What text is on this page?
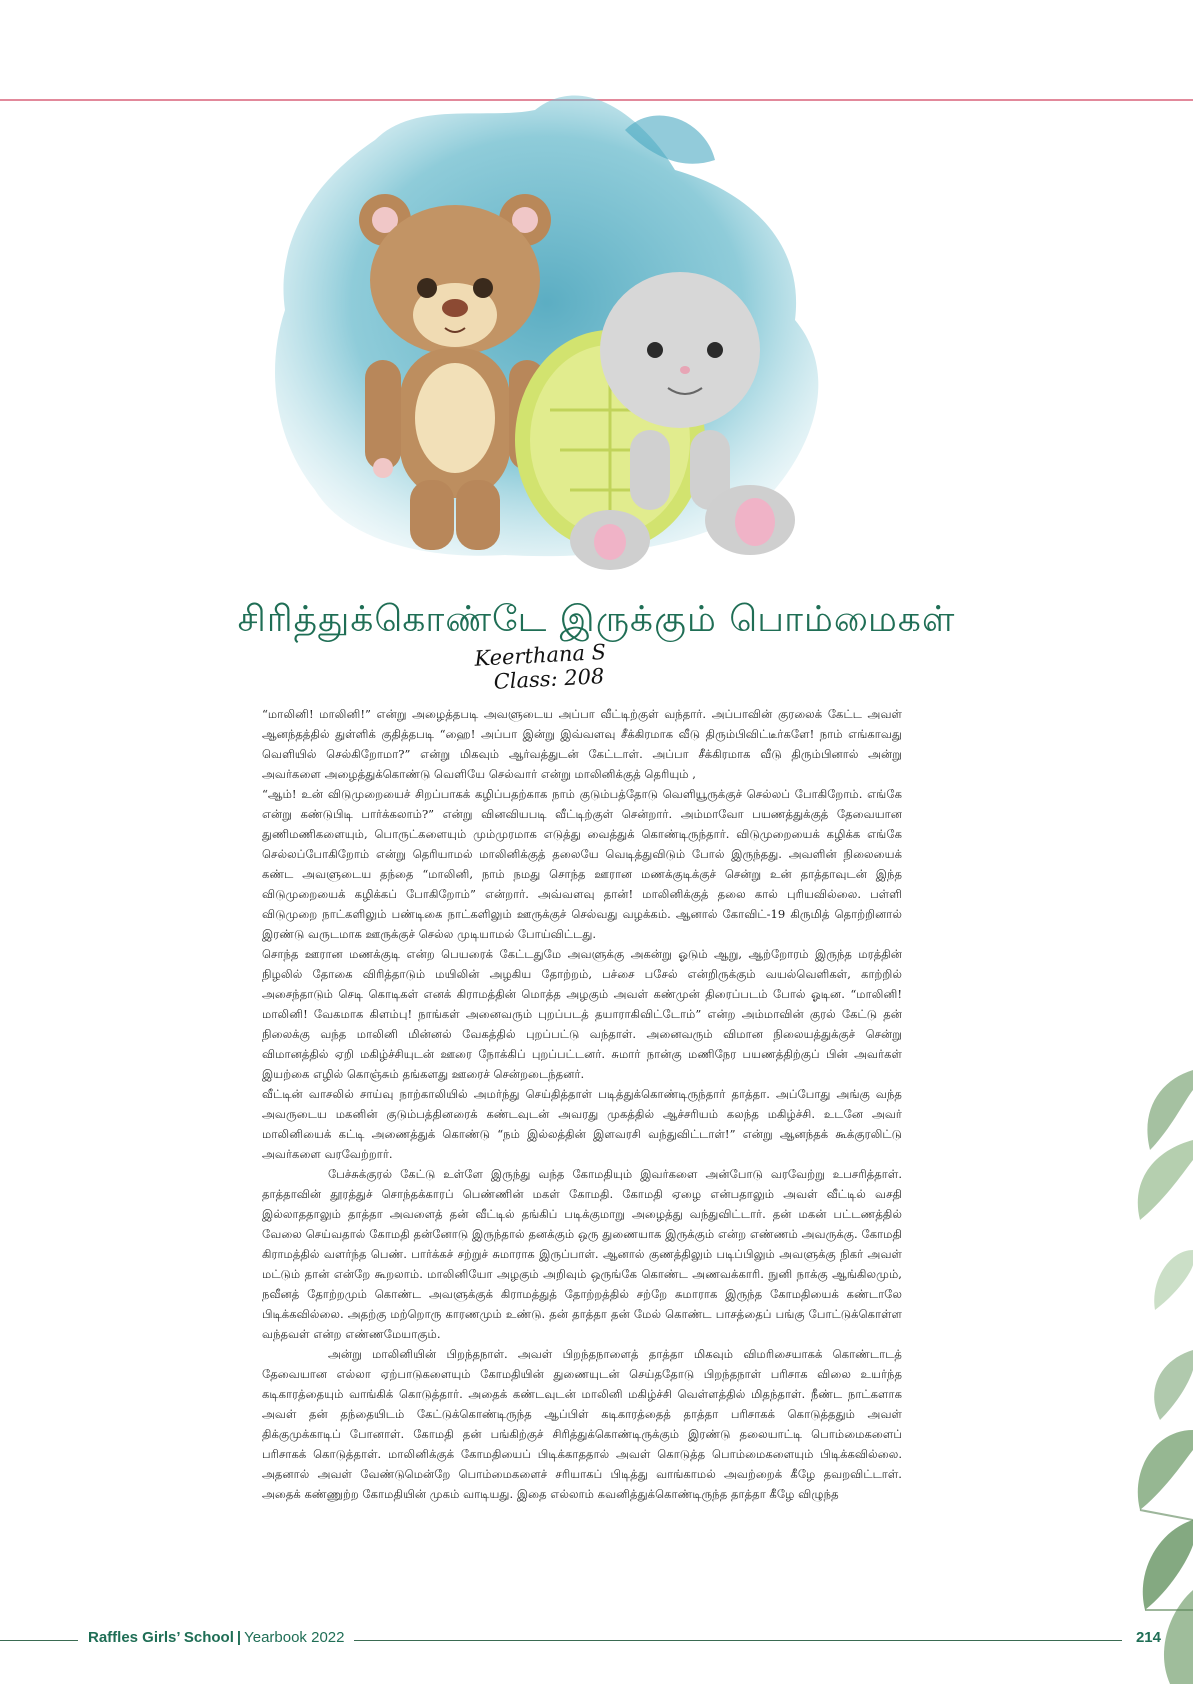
சிரித்துக்கொண்டே இருக்கும் பொம்மைகள்
Keerthana S Class: 208

“மாலினி! மாலினி!” என்று அழைத்தபடி அவளுடைய அப்பா வீட்டிற்குள் வந்தார். அப்பாவின் குரலைக் கேட்ட அவள் ஆனந்தத்தில் துள்ளிக் குதித்தபடி “ஹை! அப்பா இன்று இவ்வளவு சீக்கிரமாக வீடு திரும்பிவிட்டீர்களே! நாம் எங்காவது வெளியில் செல்கிறோமா?” என்று மிகவும் ஆர்வத்துடன் கேட்டாள். அப்பா சீக்கிரமாக வீடு திரும்பினால் அன்று அவர்களை அழைத்துக்கொண்டு வெளியே செல்வார் என்று மாலினிக்குத் தெரியும் ,

“ஆம்! உன் விடுமுறையைச் சிறப்பாகக் கழிப்பதற்காக நாம் குடும்பத்தோடு வெளியூருக்குச் செல்லப் போகிறோம். எங்கே என்று கண்டுபிடி பார்க்கலாம்?” என்று வினவியபடி வீட்டிற்குள் சென்றார். அம்மாவோ பயணத்துக்குத் தேவையான துணிமணிகளையும், பொருட்களையும் மும்முரமாக எடுத்து வைத்துக் கொண்டிருந்தார். விடுமுறையைக் கழிக்க எங்கே செல்லப்போகிறோம் என்று தெரியாமல் மாலினிக்குத் தலையே வெடித்துவிடும் போல் இருந்தது. அவளின் நிலையைக் கண்ட அவளுடைய தந்தை “மாலினி, நாம் நமது சொந்த ஊரான மணக்குடிக்குச் சென்று உன் தாத்தாவுடன் இந்த விடுமுறையைக் கழிக்கப் போகிறோம்” என்றார். அவ்வளவு தான்! மாலினிக்குத் தலை கால் புரியவில்லை. பள்ளி விடுமுறை நாட்களிலும் பண்டிகை நாட்களிலும் ஊருக்குச் செல்வது வழக்கம். ஆனால் கோவிட்-19 கிருமித் தொற்றினால் இரண்டு வருடமாக ஊருக்குச் செல்ல முடியாமல் போய்விட்டது.

சொந்த ஊரான மணக்குடி என்ற பெயரைக் கேட்டதுமே அவளுக்கு அகன்று ஓடும் ஆறு, ஆற்றோரம் இருந்த மரத்தின் நிழலில் தோகை விரித்தாடும் மயிலின் அழகிய தோற்றம், பச்சை பசேல் என்றிருக்கும் வயல்வெளிகள், காற்றில் அசைந்தாடும் செடி கொடிகள் எனக் கிராமத்தின் மொத்த அழகும் அவள் கண்முன் திரைப்படம் போல் ஓடின. “மாலினி! மாலினி! வேகமாக கிளம்பு! நாங்கள் அனைவரும் புறப்படத் தயாராகிவிட்டோம்” என்ற அம்மாவின் குரல் கேட்டு தன் நிலைக்கு வந்த மாலினி மின்னல் வேகத்தில் புறப்பட்டு வந்தாள். அனைவரும் விமான நிலையத்துக்குச் சென்று விமானத்தில் ஏறி மகிழ்ச்சியுடன் ஊரை நோக்கிப் புறப்பட்டனர். சுமார் நான்கு மணிநேர பயணத்திற்குப் பின் அவர்கள் இயற்கை எழில் கொஞ்சும் தங்களது ஊரைச் சென்றடைந்தனர்.

வீட்டின் வாசலில் சாய்வு நாற்காலியில் அமர்ந்து செய்தித்தாள் படித்துக்கொண்டிருந்தார் தாத்தா. அப்போது அங்கு வந்த அவருடைய மகனின் குடும்பத்தினரைக் கண்டவுடன் அவரது முகத்தில் ஆச்சரியம் கலந்த மகிழ்ச்சி. உடனே அவர் மாலினியைக் கட்டி அணைத்துக் கொண்டு “நம் இல்லத்தின் இளவரசி வந்துவிட்டாள்!” என்று ஆனந்தக் கூக்குரலிட்டு அவர்களை வரவேற்றார்.

பேச்சுக்குரல் கேட்டு உள்ளே இருந்து வந்த கோமதியும் இவர்களை அன்போடு வரவேற்று உபசரித்தாள். தாத்தாவின் தூரத்துச் சொந்தக்காரப் பெண்ணின் மகள் கோமதி. கோமதி ஏழை என்பதாலும் அவள் வீட்டில் வசதி இல்லாததாலும் தாத்தா அவளைத் தன் வீட்டில் தங்கிப் படிக்குமாறு அழைத்து வந்துவிட்டார். தன் மகன் பட்டணத்தில் வேலை செய்வதால் கோமதி தன்னோடு இருந்தால் தனக்கும் ஒரு துணையாக இருக்கும் என்ற எண்ணம் அவருக்கு. கோமதி கிராமத்தில் வளர்ந்த பெண். பார்க்கச் சற்றுச் சுமாராக இருப்பாள். ஆனால் குணத்திலும் படிப்பிலும் அவளுக்கு நிகர் அவள் மட்டும் தான் என்றே கூறலாம். மாலினியோ அழகும் அறிவும் ஒருங்கே கொண்ட அணவக்காரி. நுனி நாக்கு ஆங்கிலமும், நவீனத் தோற்றமும் கொண்ட அவளுக்குக் கிராமத்துத் தோற்றத்தில் சற்றே சுமாராக இருந்த கோமதியைக் கண்டாலே பிடிக்கவில்லை. அதற்கு மற்றொரு காரணமும் உண்டு. தன் தாத்தா தன் மேல் கொண்ட பாசத்தைப் பங்கு போட்டுக்கொள்ள வந்தவள் என்ற எண்ணமேயாகும்.

அன்று மாலினியின் பிறந்தநாள். அவள் பிறந்தநாளைத் தாத்தா மிகவும் விமரிசையாகக் கொண்டாடத் தேவையான எல்லா ஏற்பாடுகளையும் கோமதியின் துணையுடன் செய்ததோடு பிறந்தநாள் பரிசாக விலை உயர்ந்த கடிகாரத்தையும் வாங்கிக் கொடுத்தார். அதைக் கண்டவுடன் மாலினி மகிழ்ச்சி வெள்ளத்தில் மிதந்தாள். நீண்ட நாட்களாக அவள் தன் தந்தையிடம் கேட்டுக்கொண்டிருந்த ஆப்பிள் கடிகாரத்தைத் தாத்தா பரிசாகக் கொடுத்ததும் அவள் திக்குமுக்காடிப் போனாள். கோமதி தன் பங்கிற்குச் சிரித்துக்கொண்டிருக்கும் இரண்டு தலையாட்டி பொம்மைகளைப் பரிசாகக் கொடுத்தாள். மாலினிக்குக் கோமதியைப் பிடிக்காததால் அவள் கொடுத்த பொம்மைகளையும் பிடிக்கவில்லை. அதனால் அவள் வேண்டுமென்றே பொம்மைகளைச் சரியாகப் பிடித்து வாங்காமல் அவற்றைக் கீழே தவறவிட்டாள். அதைக் கண்ணுற்ற கோமதியின் முகம் வாடியது. இதை எல்லாம் கவனித்துக்கொண்டிருந்த தாத்தா கீழே விழுந்த

Raffles Girls’ School | Yearbook 2022	214
